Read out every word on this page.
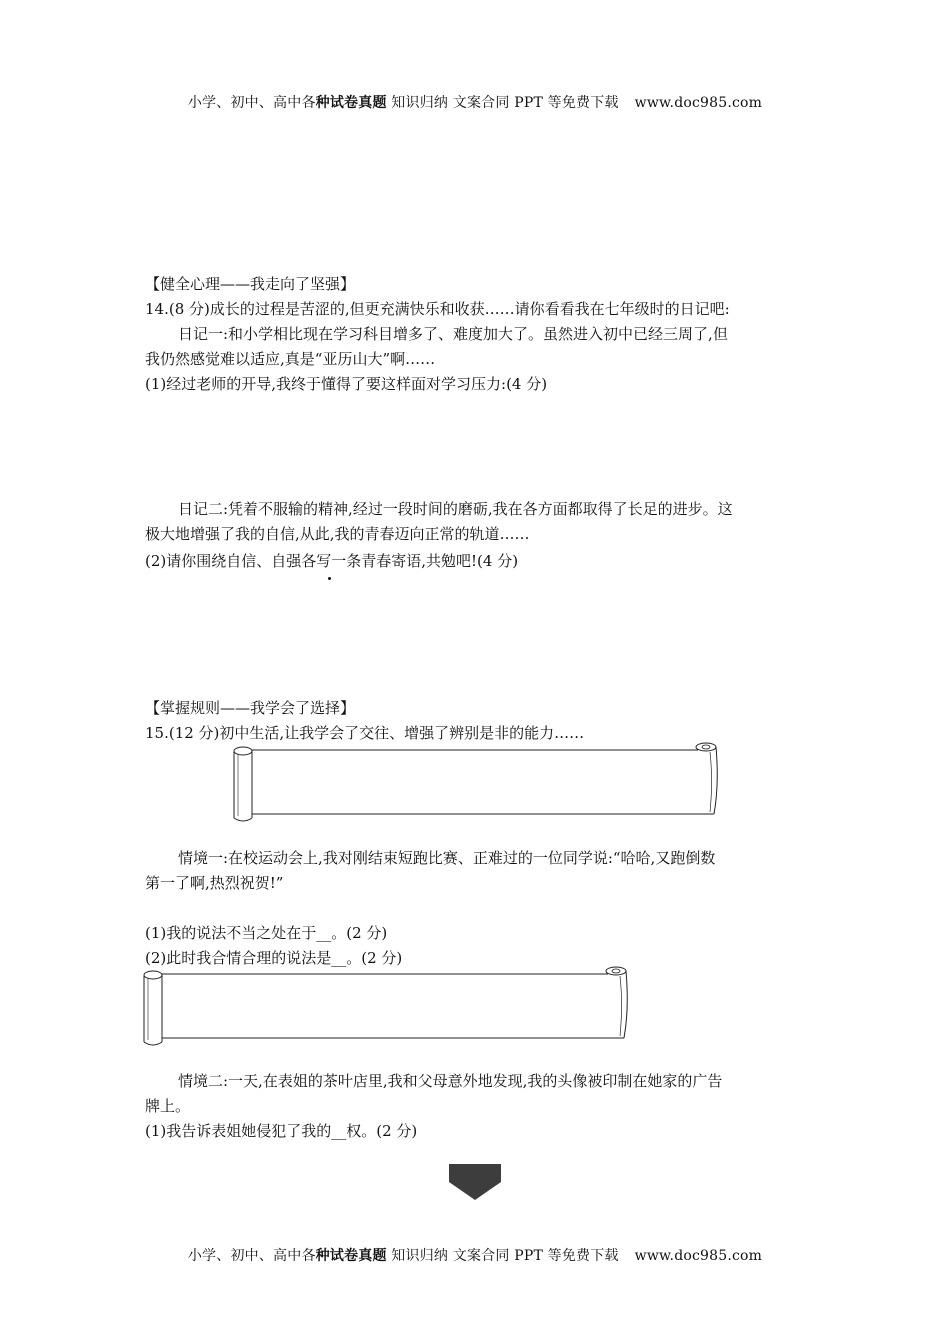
小学、初中、高中各种试卷真题 知识归纳 文案合同 PPT 等免费下载 www.doc985.com
【健全心理——我走向了坚强】
14.(8 分)成长的过程是苦涩的,但更充满快乐和收获……请你看看我在七年级时的日记吧:
日记一:和小学相比现在学习科目增多了、难度加大了。虽然进入初中已经三周了,但
我仍然感觉难以适应,真是“亚历山大”啊……
(1)经过老师的开导,我终于懂得了要这样面对学习压力:(4 分)
日记二:凭着不服输的精神,经过一段时间的磨砺,我在各方面都取得了长足的进步。这
极大地增强了我的自信,从此,我的青春迈向正常的轨道……
(2)请你围绕自信、自强各写一条青春寄语,共勉吧!(4 分)
【掌握规则——我学会了选择】
15.(12 分)初中生活,让我学会了交往、增强了辨别是非的能力……
情境一:在校运动会上,我对刚结束短跑比赛、正难过的一位同学说:“哈哈,又跑倒数
第一了啊,热烈祝贺!”
(1)我的说法不当之处在于__。(2 分)
(2)此时我合情合理的说法是__。(2 分)
情境二:一天,在表姐的茶叶店里,我和父母意外地发现,我的头像被印制在她家的广告
牌上。
(1)我告诉表姐她侵犯了我的__权。(2 分)
小学、初中、高中各种试卷真题 知识归纳 文案合同 PPT 等免费下载 www.doc985.com
